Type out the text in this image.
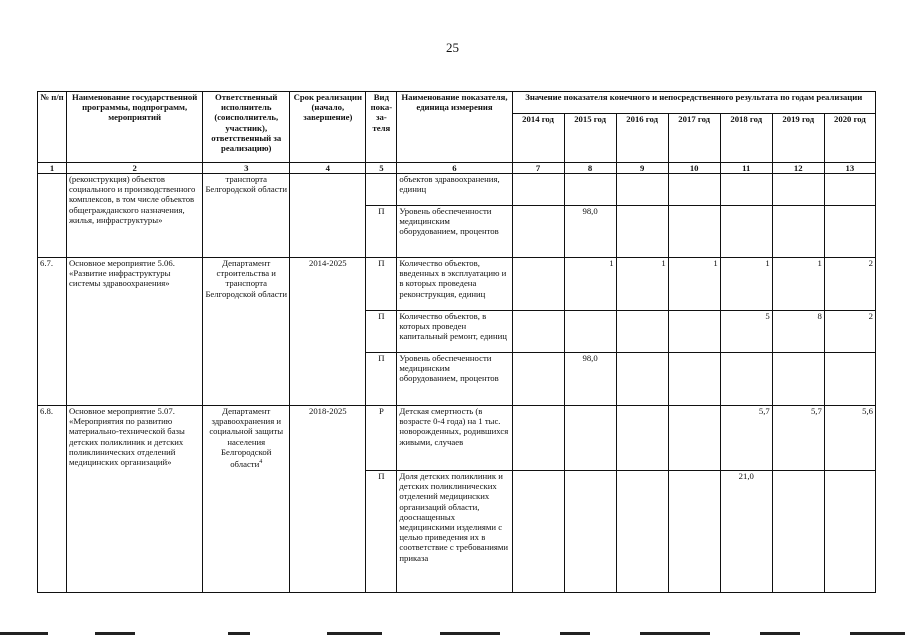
25
№ п/п	Наименование государственной программы, подпрограмм, мероприятий	Ответственный исполнитель (соисполнитель, участник), ответственный за реализацию)	Срок реализации (начало, завершение)	Вид пока-за-теля	Наименование показателя, единица измерения	Значение показателя конечного и непосредственного результата по годам реализации						
						2014 год	2015 год	2016 год	2017 год	2018 год	2019 год	2020 год
1	2	3	4	5	6	7	8	9	10	11	12	13
	(реконструкция) объектов социального и производственного комплексов, в том числе объектов общегражданского назначения, жилья, инфраструктуры»	транспорта Белгородской области			объектов здравоохранения, единиц							
				П	Уровень обеспеченности медицинским оборудованием, процентов		98,0					
6.7.	Основное мероприятие 5.06. «Развитие инфраструктуры системы здравоохранения»	Департамент строительства и транспорта Белгородской области	2014-2025	П	Количество объектов, введенных в эксплуатацию и в которых проведена реконструкция, единиц		1	1	1	1	1	2
				П	Количество объектов, в которых проведен капитальный ремонт, единиц					5	8	2
				П	Уровень обеспеченности медицинским оборудованием, процентов		98,0					
6.8.	Основное мероприятие 5.07. «Мероприятия по развитию материально-технической базы детских поликлиник и детских поликлинических отделений медицинских организаций»	Департамент здравоохранения и социальной защиты населения Белгородской области$^4$	2018-2025	Р	Детская смертность (в возрасте 0-4 года) на 1 тыс. новорожденных, родившихся живыми, случаев					5,7	5,7	5,6
				П	Доля детских поликлиник и детских поликлинических отделений медицинских организаций области, дооснащенных медицинскими изделиями с целью приведения их в соответствие с требованиями приказа					21,0		
